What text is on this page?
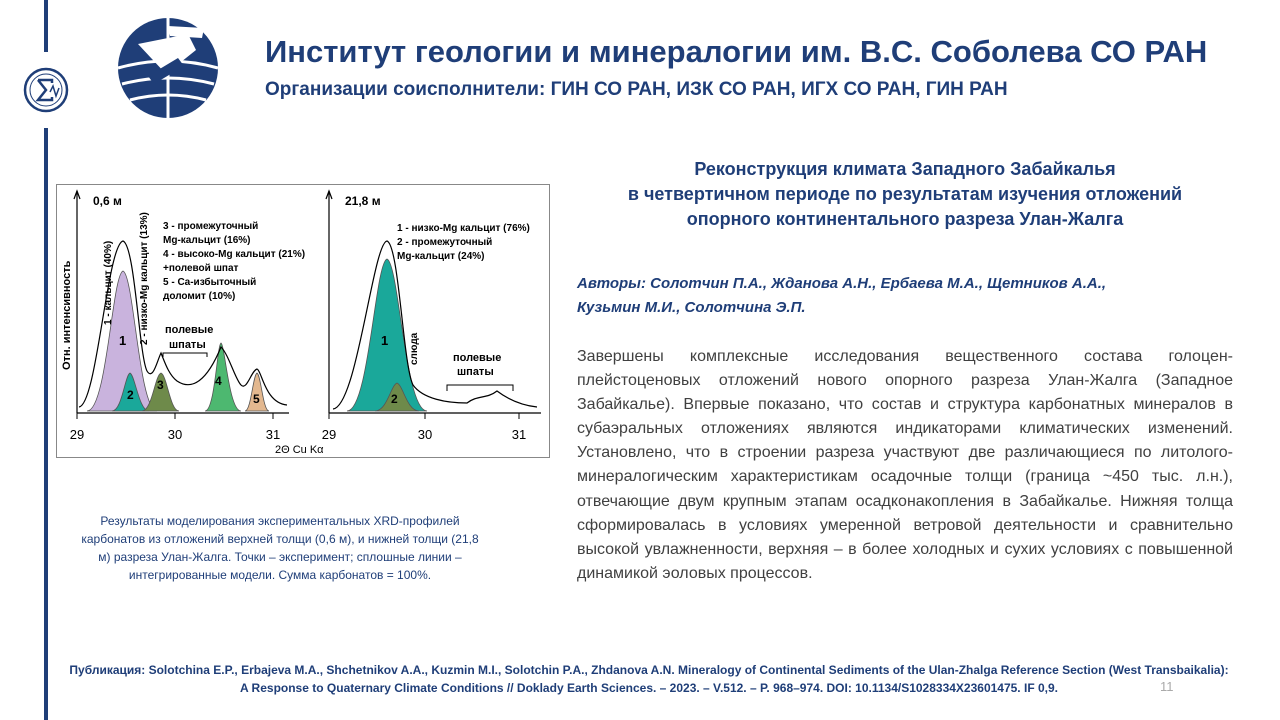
Институт геологии и минералогии им. В.С. Соболева СО РАН
Организации соисполнители: ГИН СО РАН, ИЗК СО РАН, ИГХ СО РАН, ГИН РАН
29	30	31
Отн. интенсивность
0,6 м
1
2
3	4
5
1 - кальцит (40%)	2 - низко-Mg кальцит (13%) 3 - промежуточный
Mg-кальцит (16%)
4 - высоко-Mg кальцит (21%)
+полевой шпат
5 - Ca-избыточный
доломит (10%)
полевые
шпаты
29	30	31
21,8 м
1
2
1 - низко-Mg кальцит (76%)
2 - промежуточный
Mg-кальцит (24%)
слюда	полевые
шпаты
2Θ Cu Kα
Результаты моделирования экспериментальных XRD-профилей карбонатов из отложений верхней толщи (0,6 м), и нижней толщи (21,8 м) разреза Улан-Жалга. Точки – эксперимент; сплошные линии – интегрированные модели. Сумма карбонатов = 100%.
Реконструкция климата Западного Забайкалья
в четвертичном периоде по результатам изучения отложений
опорного континентального разреза Улан-Жалга
Авторы: Солотчин П.А., Жданова А.Н., Ербаева М.А., Щетников А.А.,
Кузьмин М.И., Солотчина Э.П.
Завершены комплексные исследования вещественного состава голоцен-плейстоценовых отложений нового опорного разреза Улан-Жалга (Западное Забайкалье). Впервые показано, что состав и структура карбонатных минералов в субаэральных отложениях являются индикаторами климатических изменений. Установлено, что в строении разреза участвуют две различающиеся по литолого-минералогическим характеристикам осадочные толщи (граница ~450 тыс. л.н.), отвечающие двум крупным этапам осадконакопления в Забайкалье. Нижняя толща сформировалась в условиях умеренной ветровой деятельности и сравнительно высокой увлажненности, верхняя – в более холодных и сухих условиях с повышенной динамикой эоловых процессов.
Публикация: Solotchina E.P., Erbajeva M.A., Shchetnikov A.A., Kuzmin M.I., Solotchin P.A., Zhdanova A.N. Mineralogy of Continental Sediments of the Ulan-Zhalga Reference Section (West Transbaikalia):
A Response to Quaternary Climate Conditions // Doklady Earth Sciences. – 2023. – V.512. – P. 968–974. DOI: 10.1134/S1028334X23601475. IF 0,9.	11
